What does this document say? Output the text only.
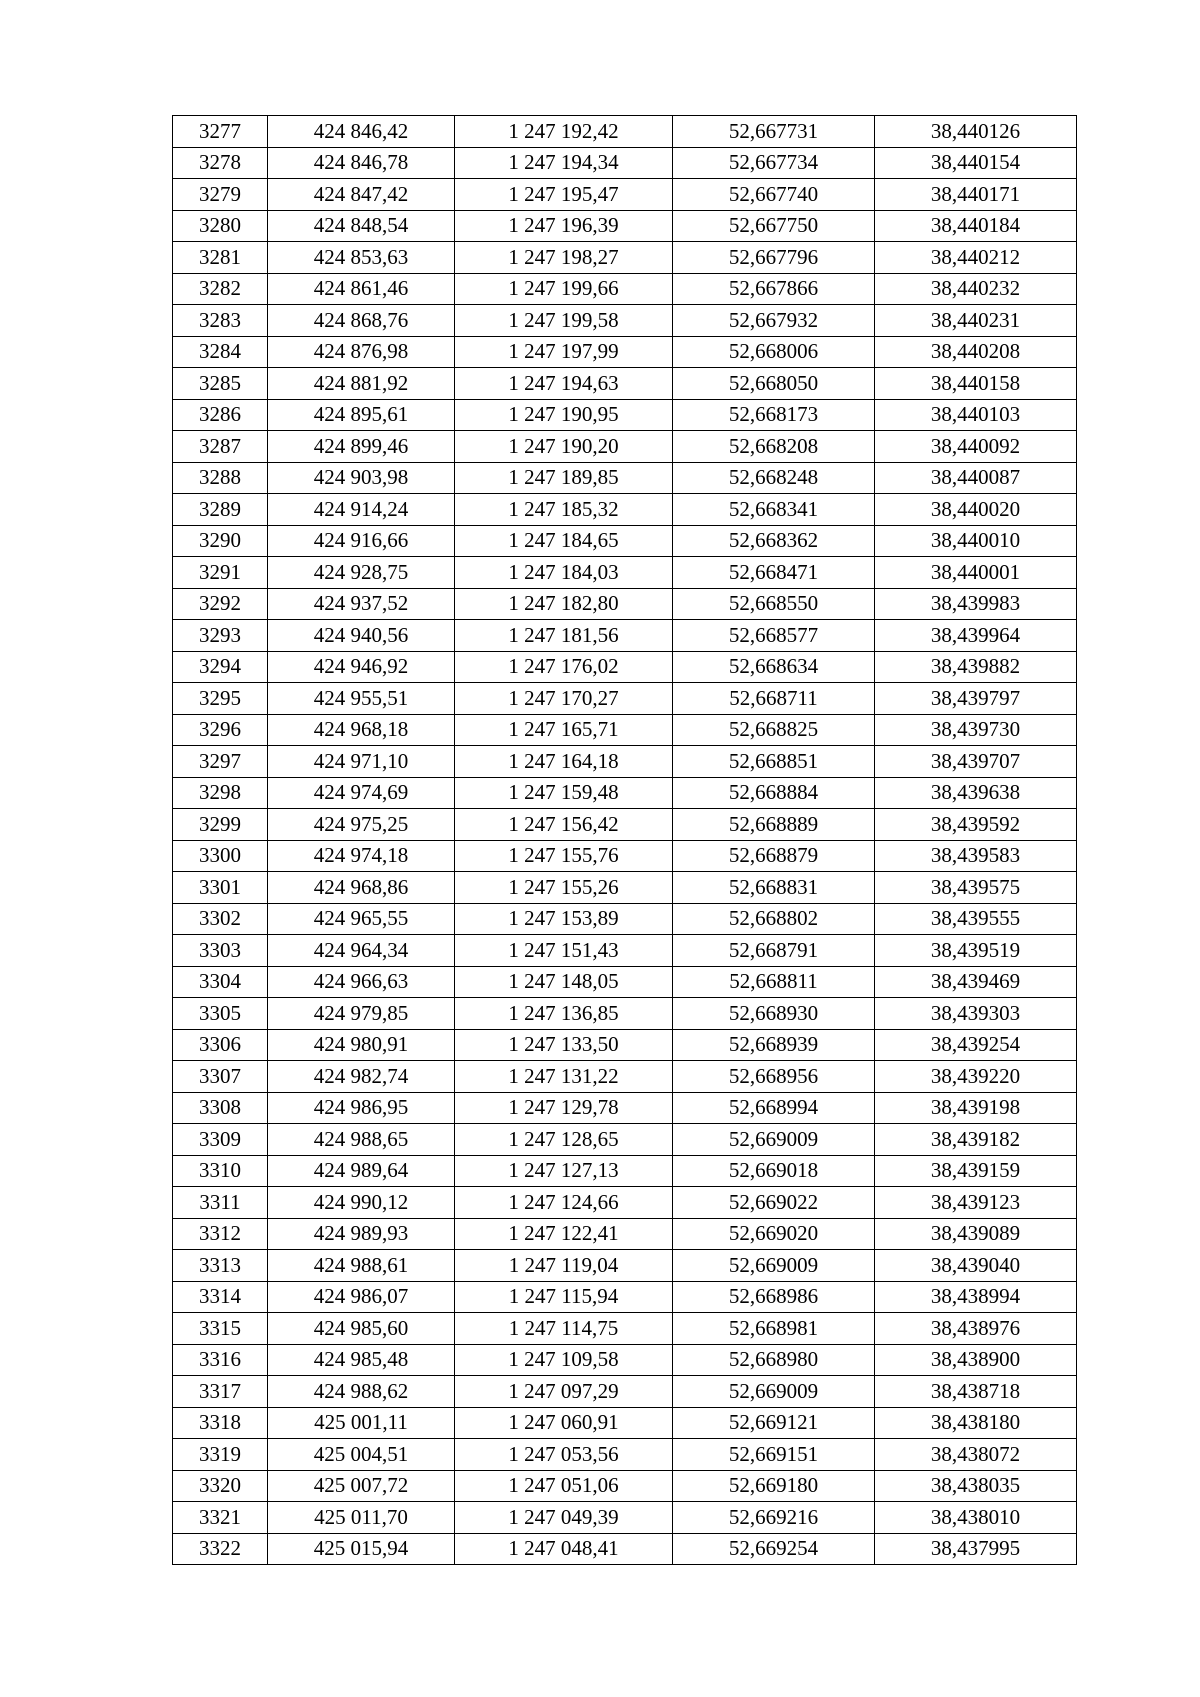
3277	424 846,42	1 247 192,42	52,667731	38,440126
3278	424 846,78	1 247 194,34	52,667734	38,440154
3279	424 847,42	1 247 195,47	52,667740	38,440171
3280	424 848,54	1 247 196,39	52,667750	38,440184
3281	424 853,63	1 247 198,27	52,667796	38,440212
3282	424 861,46	1 247 199,66	52,667866	38,440232
3283	424 868,76	1 247 199,58	52,667932	38,440231
3284	424 876,98	1 247 197,99	52,668006	38,440208
3285	424 881,92	1 247 194,63	52,668050	38,440158
3286	424 895,61	1 247 190,95	52,668173	38,440103
3287	424 899,46	1 247 190,20	52,668208	38,440092
3288	424 903,98	1 247 189,85	52,668248	38,440087
3289	424 914,24	1 247 185,32	52,668341	38,440020
3290	424 916,66	1 247 184,65	52,668362	38,440010
3291	424 928,75	1 247 184,03	52,668471	38,440001
3292	424 937,52	1 247 182,80	52,668550	38,439983
3293	424 940,56	1 247 181,56	52,668577	38,439964
3294	424 946,92	1 247 176,02	52,668634	38,439882
3295	424 955,51	1 247 170,27	52,668711	38,439797
3296	424 968,18	1 247 165,71	52,668825	38,439730
3297	424 971,10	1 247 164,18	52,668851	38,439707
3298	424 974,69	1 247 159,48	52,668884	38,439638
3299	424 975,25	1 247 156,42	52,668889	38,439592
3300	424 974,18	1 247 155,76	52,668879	38,439583
3301	424 968,86	1 247 155,26	52,668831	38,439575
3302	424 965,55	1 247 153,89	52,668802	38,439555
3303	424 964,34	1 247 151,43	52,668791	38,439519
3304	424 966,63	1 247 148,05	52,668811	38,439469
3305	424 979,85	1 247 136,85	52,668930	38,439303
3306	424 980,91	1 247 133,50	52,668939	38,439254
3307	424 982,74	1 247 131,22	52,668956	38,439220
3308	424 986,95	1 247 129,78	52,668994	38,439198
3309	424 988,65	1 247 128,65	52,669009	38,439182
3310	424 989,64	1 247 127,13	52,669018	38,439159
3311	424 990,12	1 247 124,66	52,669022	38,439123
3312	424 989,93	1 247 122,41	52,669020	38,439089
3313	424 988,61	1 247 119,04	52,669009	38,439040
3314	424 986,07	1 247 115,94	52,668986	38,438994
3315	424 985,60	1 247 114,75	52,668981	38,438976
3316	424 985,48	1 247 109,58	52,668980	38,438900
3317	424 988,62	1 247 097,29	52,669009	38,438718
3318	425 001,11	1 247 060,91	52,669121	38,438180
3319	425 004,51	1 247 053,56	52,669151	38,438072
3320	425 007,72	1 247 051,06	52,669180	38,438035
3321	425 011,70	1 247 049,39	52,669216	38,438010
3322	425 015,94	1 247 048,41	52,669254	38,437995
